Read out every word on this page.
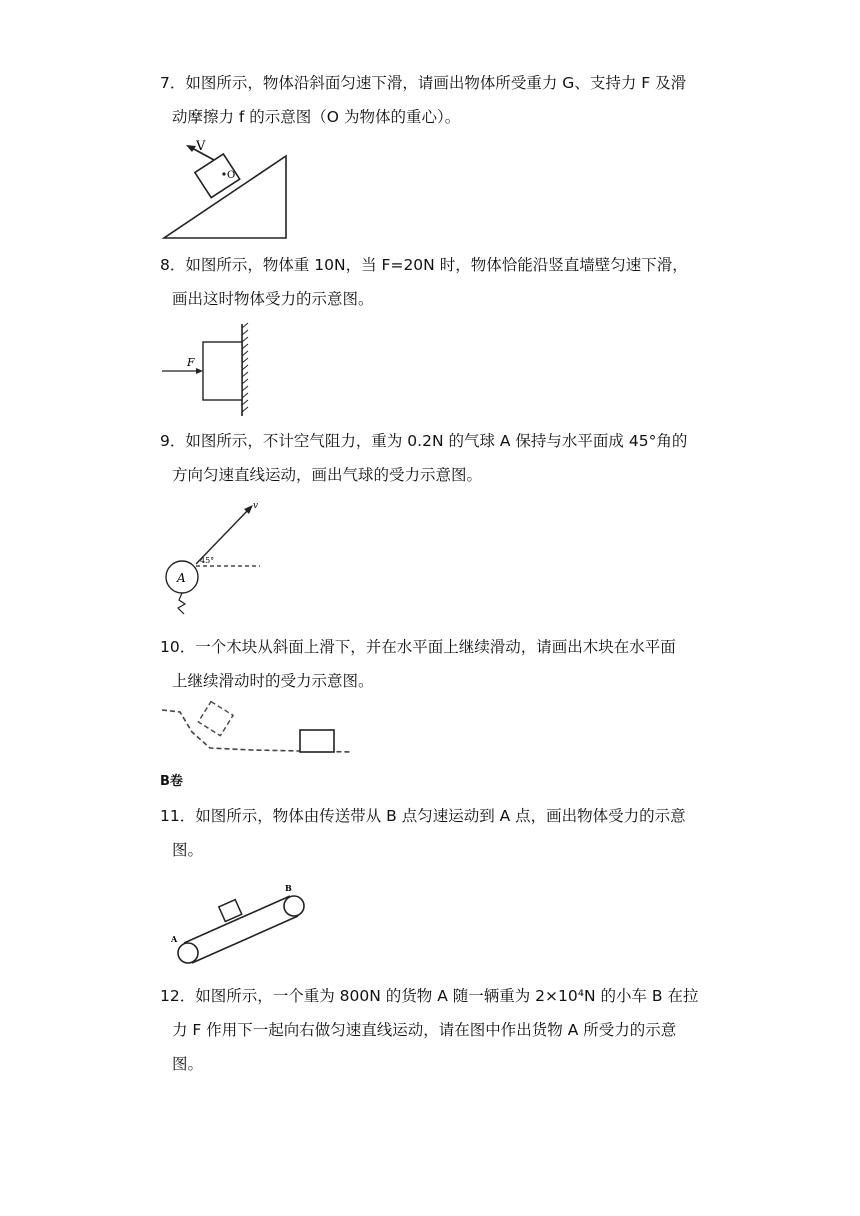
7．如图所示，物体沿斜面匀速下滑，请画出物体所受重力 G、支持力 F 及滑
动摩擦力 f 的示意图（O 为物体的重心）。
O
V
8．如图所示，物体重 10N，当 F=20N 时，物体恰能沿竖直墙壁匀速下滑，
画出这时物体受力的示意图。
F
9．如图所示，不计空气阻力，重为 0.2N 的气球 A 保持与水平面成 45°角的
方向匀速直线运动，画出气球的受力示意图。
v
45°
A
10．一个木块从斜面上滑下，并在水平面上继续滑动，请画出木块在水平面
上继续滑动时的受力示意图。
B卷
11．如图所示，物体由传送带从 B 点匀速运动到 A 点，画出物体受力的示意
图。
A
B
12．如图所示，一个重为 800N 的货物 A 随一辆重为 2×10⁴N 的小车 B 在拉
力 F 作用下一起向右做匀速直线运动，请在图中作出货物 A 所受力的示意
图。
